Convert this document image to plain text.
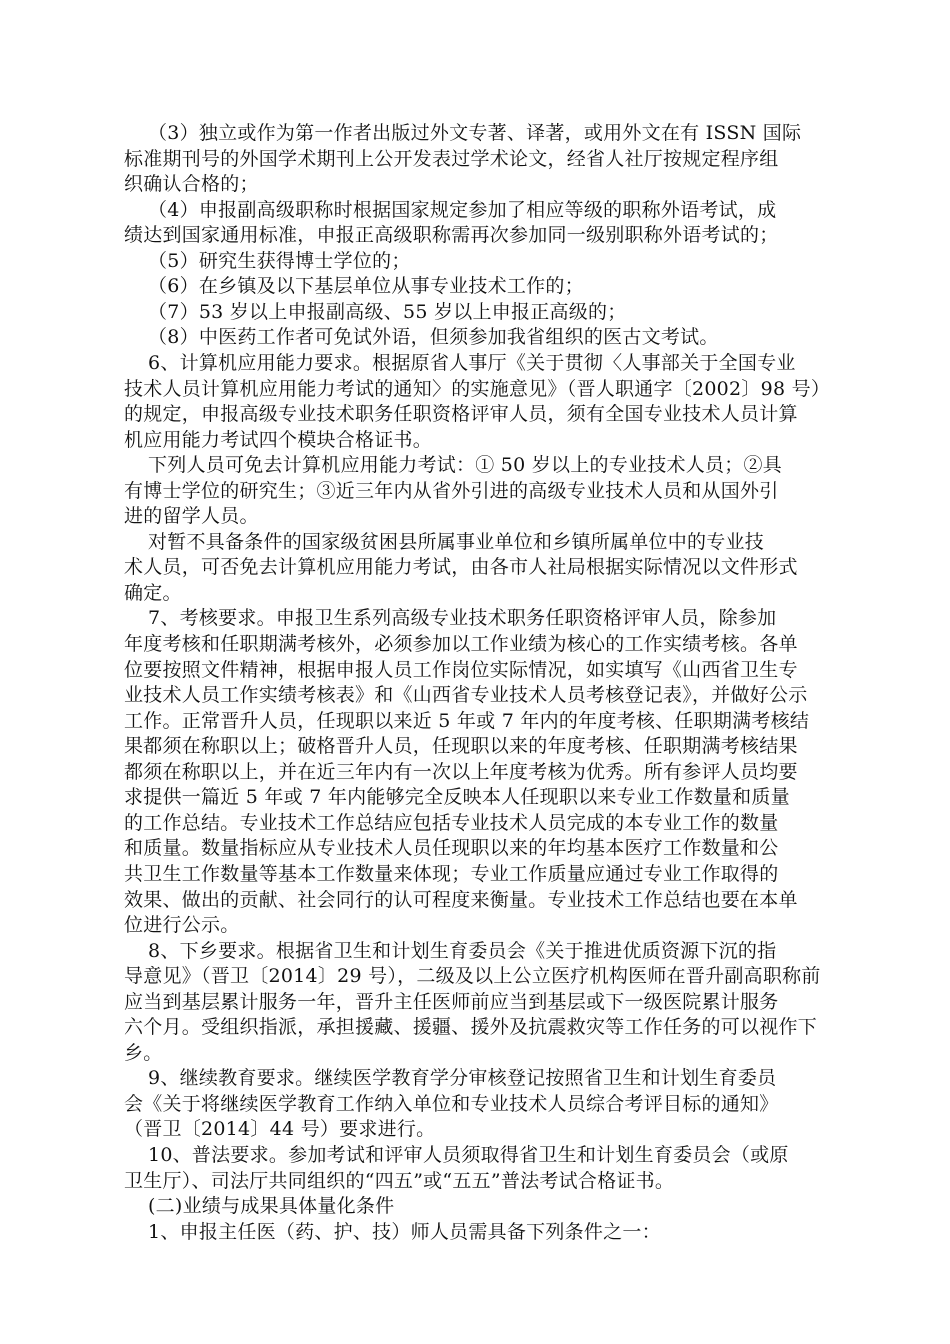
（3）独立或作为第一作者出版过外文专著、译著，或用外文在有 ISSN 国际
标准期刊号的外国学术期刊上公开发表过学术论文，经省人社厅按规定程序组
织确认合格的；
（4）申报副高级职称时根据国家规定参加了相应等级的职称外语考试，成
绩达到国家通用标准，申报正高级职称需再次参加同一级别职称外语考试的；
（5）研究生获得博士学位的；
（6）在乡镇及以下基层单位从事专业技术工作的；
（7）53 岁以上申报副高级、55 岁以上申报正高级的；
（8）中医药工作者可免试外语，但须参加我省组织的医古文考试。
6、计算机应用能力要求。根据原省人事厅《关于贯彻〈人事部关于全国专业
技术人员计算机应用能力考试的通知〉的实施意见》（晋人职通字〔2002〕98 号）
的规定，申报高级专业技术职务任职资格评审人员，须有全国专业技术人员计算
机应用能力考试四个模块合格证书。
下列人员可免去计算机应用能力考试：① 50 岁以上的专业技术人员；②具
有博士学位的研究生；③近三年内从省外引进的高级专业技术人员和从国外引
进的留学人员。
对暂不具备条件的国家级贫困县所属事业单位和乡镇所属单位中的专业技
术人员，可否免去计算机应用能力考试，由各市人社局根据实际情况以文件形式
确定。
7、考核要求。申报卫生系列高级专业技术职务任职资格评审人员，除参加
年度考核和任职期满考核外，必须参加以工作业绩为核心的工作实绩考核。各单
位要按照文件精神，根据申报人员工作岗位实际情况，如实填写《山西省卫生专
业技术人员工作实绩考核表》和《山西省专业技术人员考核登记表》，并做好公示
工作。正常晋升人员，任现职以来近 5 年或 7 年内的年度考核、任职期满考核结
果都须在称职以上；破格晋升人员，任现职以来的年度考核、任职期满考核结果
都须在称职以上，并在近三年内有一次以上年度考核为优秀。所有参评人员均要
求提供一篇近 5 年或 7 年内能够完全反映本人任现职以来专业工作数量和质量
的工作总结。专业技术工作总结应包括专业技术人员完成的本专业工作的数量
和质量。数量指标应从专业技术人员任现职以来的年均基本医疗工作数量和公
共卫生工作数量等基本工作数量来体现；专业工作质量应通过专业工作取得的
效果、做出的贡献、社会同行的认可程度来衡量。专业技术工作总结也要在本单
位进行公示。
8、下乡要求。根据省卫生和计划生育委员会《关于推进优质资源下沉的指
导意见》（晋卫〔2014〕29 号），二级及以上公立医疗机构医师在晋升副高职称前
应当到基层累计服务一年，晋升主任医师前应当到基层或下一级医院累计服务
六个月。受组织指派，承担援藏、援疆、援外及抗震救灾等工作任务的可以视作下
乡。
9、继续教育要求。继续医学教育学分审核登记按照省卫生和计划生育委员
会《关于将继续医学教育工作纳入单位和专业技术人员综合考评目标的通知》
（晋卫〔2014〕44 号）要求进行。
10、普法要求。参加考试和评审人员须取得省卫生和计划生育委员会（或原
卫生厅）、司法厅共同组织的“四五”或“五五”普法考试合格证书。
(二)业绩与成果具体量化条件
1、申报主任医（药、护、技）师人员需具备下列条件之一：
